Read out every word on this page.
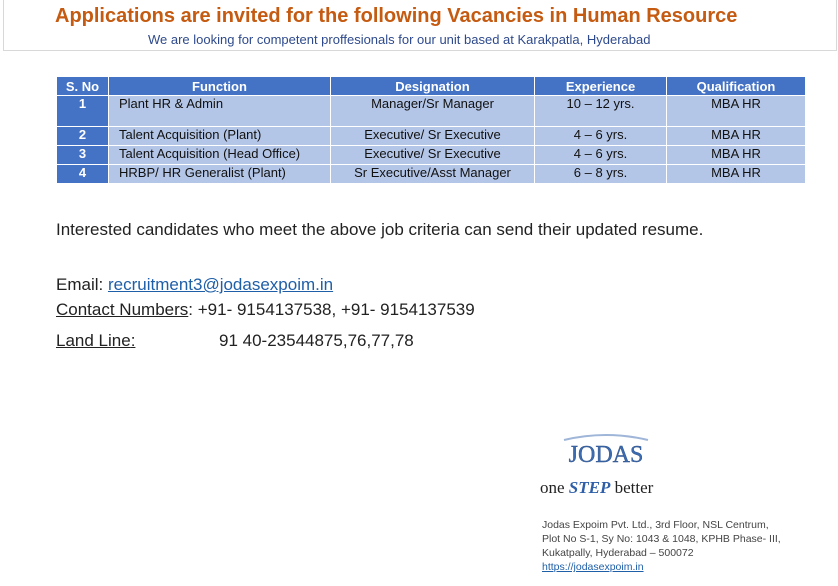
Applications are invited for the following Vacancies in Human Resource
We are looking for competent proffesionals for our unit based at Karakpatla, Hyderabad
S. No	Function	Designation	Experience	Qualification
1	Plant HR & Admin	Manager/Sr Manager	10 – 12 yrs.	MBA HR
2	Talent Acquisition (Plant)	Executive/ Sr Executive	4 – 6 yrs.	MBA HR
3	Talent Acquisition (Head Office)	Executive/ Sr Executive	4 – 6 yrs.	MBA HR
4	HRBP/ HR Generalist (Plant)	Sr Executive/Asst Manager	6 – 8 yrs.	MBA HR
Interested candidates who meet the above job criteria can send their updated resume.
Email: recruitment3@jodasexpoim.in
Contact Numbers: +91- 9154137538, +91- 9154137539
Land Line:	91 40-23544875,76,77,78
JODAS
one STEP better
Jodas Expoim Pvt. Ltd., 3rd Floor, NSL Centrum,
Plot No S-1, Sy No: 1043 & 1048, KPHB Phase- III,
Kukatpally, Hyderabad – 500072
https://jodasexpoim.in
